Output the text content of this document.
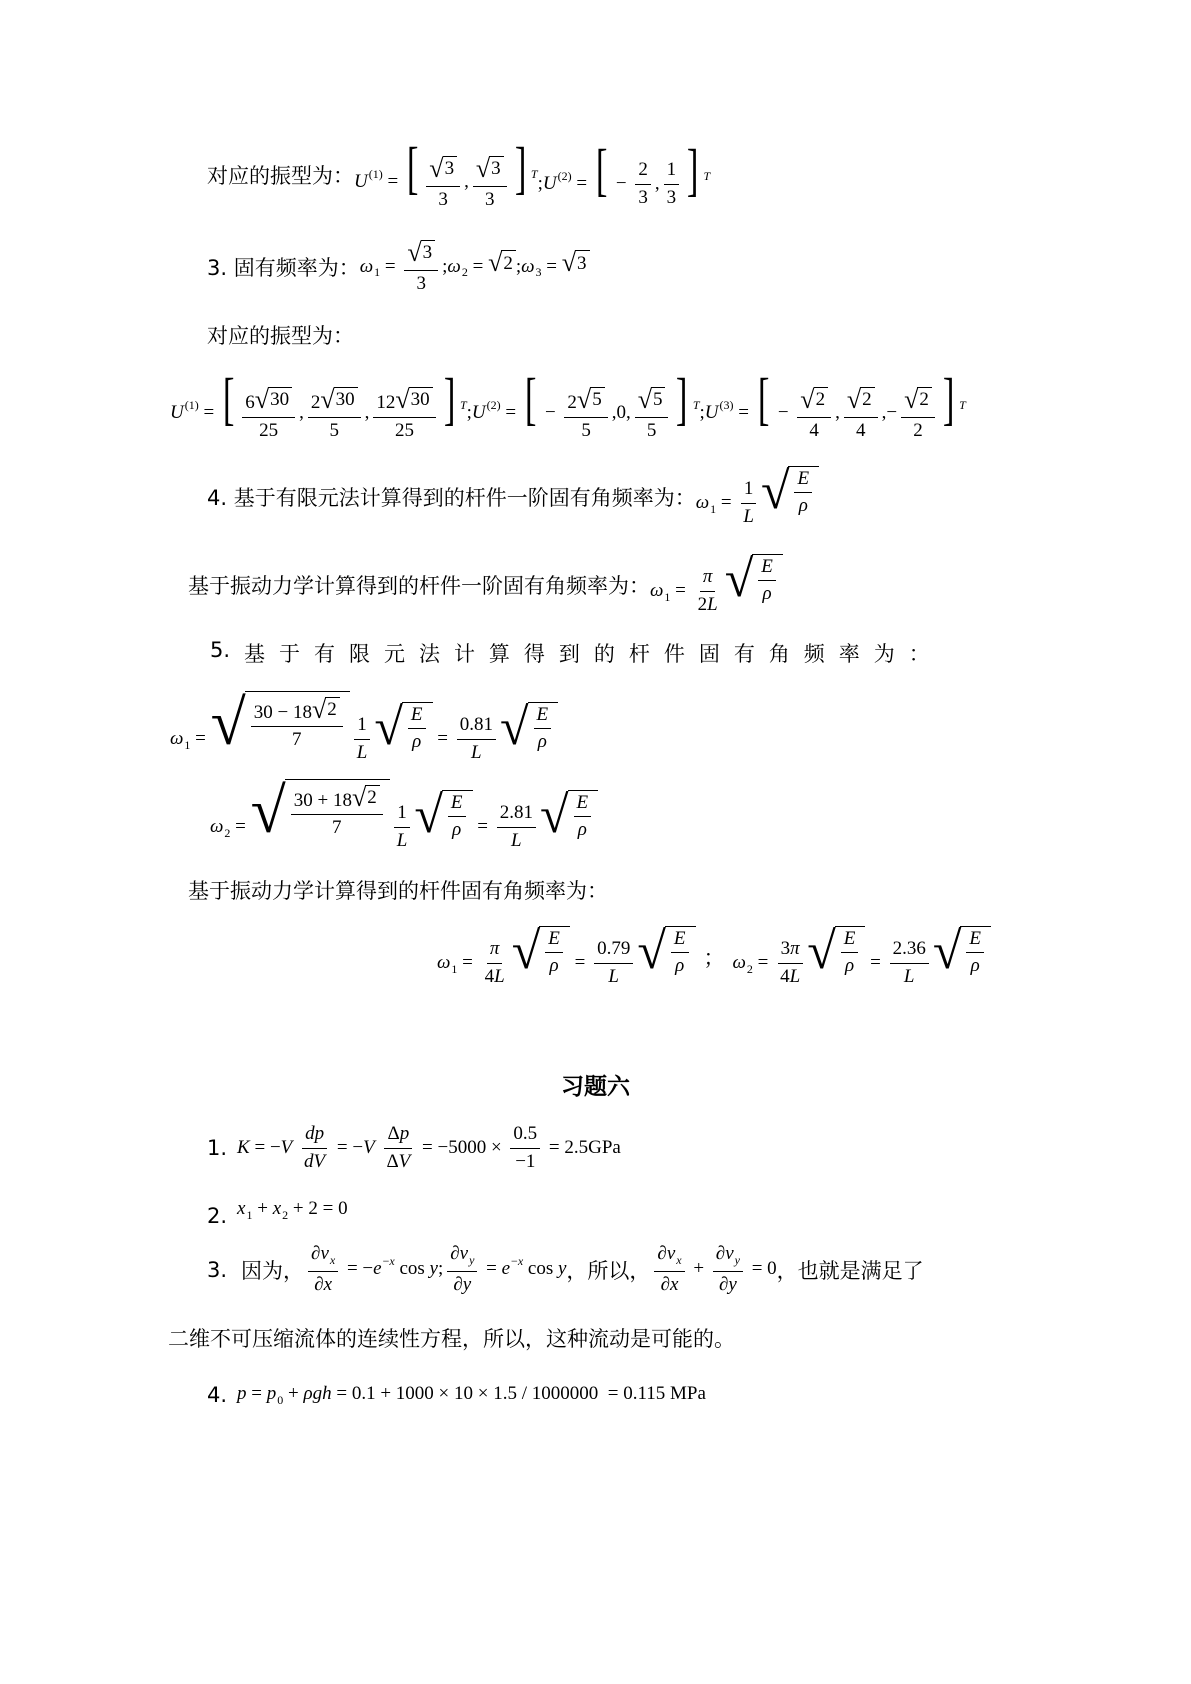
对应的振型为： $U^{(1)}$ = [ $\frac{√ 3}{3}$ , $\frac{√ 3}{3}$ ] $^T$ $;U^{(2)}$ = [ − $\frac{2}{3}$ , $\frac{1}{3}$ ] $^T$
3. 固有频率为： $\omega_1 = \frac{√ 3}{3}$ $;\omega_2$ = √ 2 $;\omega_3$ = √ 3
对应的振型为：
$U^{(1)}$ = [ $\frac{6 √ 30}{25}$ , $\frac{2 √ 30}{5}$ , $\frac{12 √ 30}{25}$ ] $^T$ $;U^{(2)}$ = [ − $\frac{2 √ 5}{5} ,0$, $\frac{√ 5}{5}$ ] $^T$ $;U^{(3)}$ = [ − $\frac{√ 2}{4}$ , $\frac{√ 2}{4}$ ,− $\frac{√ 2}{2}$ ] $^T$
4. 基于有限元法计算得到的杆件一阶固有角频率为： $\omega_1 = \frac{1}{L}$ √ $\frac{E}{\rho}$
基于振动力学计算得到的杆件一阶固有角频率为： $\omega_1 = \frac{\pi}{2L}$ √ $\frac{E}{\rho}$
5. 基 于 有 限 元 法 计 算 得 到 的 杆 件 固 有 角 频 率 为 ：
$\omega_1$ = √ $\frac{30 - 18 √ 2}{7} \frac{1}{L}$ √ $\frac{E}{\rho} = \frac{0.81}{L}$ √ $\frac{E}{\rho}$
$\omega_2$ = √ $\frac{30 + 18 √ 2}{7} \frac{1}{L}$ √ $\frac{E}{\rho} = \frac{2.81}{L}$ √ $\frac{E}{\rho}$
基于振动力学计算得到的杆件固有角频率为：
$\omega_1 = \frac{\pi}{4L}$ √ $\frac{E}{\rho} = \frac{0.79}{L}$ √ $\frac{E}{\rho}$ ； $\omega_2 = \frac{3\pi}{4L}$ √ $\frac{E}{\rho} = \frac{2.36}{L}$ √ $\frac{E}{\rho}$
习题六
1. $K = -V \frac{dp}{dV} = -V \frac{\Delta p}{\Delta V} = -5000 \times \frac{0.5}{-1} = 2.5GPa$
2. $x_1 + x_2 + 2 = 0$
3. 因为， $\frac{\partial v_x}{\partial x} = -e^{-x}$ cos y; $\frac{\partial v_y}{\partial y} = e^{-x}$ cos y ，所以， $\frac{\partial v_x}{\partial x} + \frac{\partial v_y}{\partial y} = 0$ ，也就是满足了
二维不可压缩流体的连续性方程，所以，这种流动是可能的。
4. $p = p_0 + \rho gh = 0.1 + 1000 \times 10 \times 1.5 / 1000000 = 0.115$ MPa
